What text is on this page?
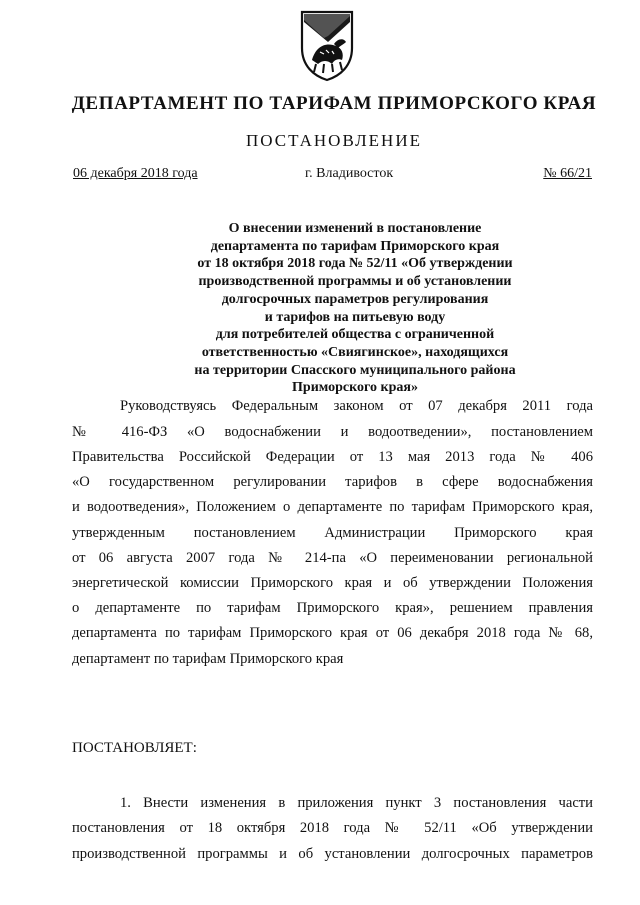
ДЕПАРТАМЕНТ ПО ТАРИФАМ ПРИМОРСКОГО КРАЯ
ПОСТАНОВЛЕНИЕ
06 декабря 2018 года	г. Владивосток	№ 66/21
О внесении изменений в постановление
департамента по тарифам Приморского края
от 18 октября 2018 года № 52/11 «Об утверждении
производственной программы и об установлении
долгосрочных параметров регулирования
и тарифов на питьевую воду
для потребителей общества с ограниченной
ответственностью «Свиягинское», находящихся
на территории Спасского муниципального района
Приморского края»
Руководствуясь Федеральным законом от 07 декабря 2011 года
№ 416-ФЗ «О водоснабжении и водоотведении», постановлением
Правительства Российской Федерации от 13 мая 2013 года № 406
«О государственном регулировании тарифов в сфере водоснабжения
и водоотведения», Положением о департаменте по тарифам Приморского края,
утвержденным постановлением Администрации Приморского края
от 06 августа 2007 года № 214-па «О переименовании региональной
энергетической комиссии Приморского края и об утверждении Положения
о департаменте по тарифам Приморского края», решением правления
департамента по тарифам Приморского края от 06 декабря 2018 года № 68,
департамент по тарифам Приморского края
ПОСТАНОВЛЯЕТ:
1. Внести изменения в приложения пункт 3 постановления части
постановления от 18 октября 2018 года № 52/11 «Об утверждении
производственной программы и об установлении долгосрочных параметров
